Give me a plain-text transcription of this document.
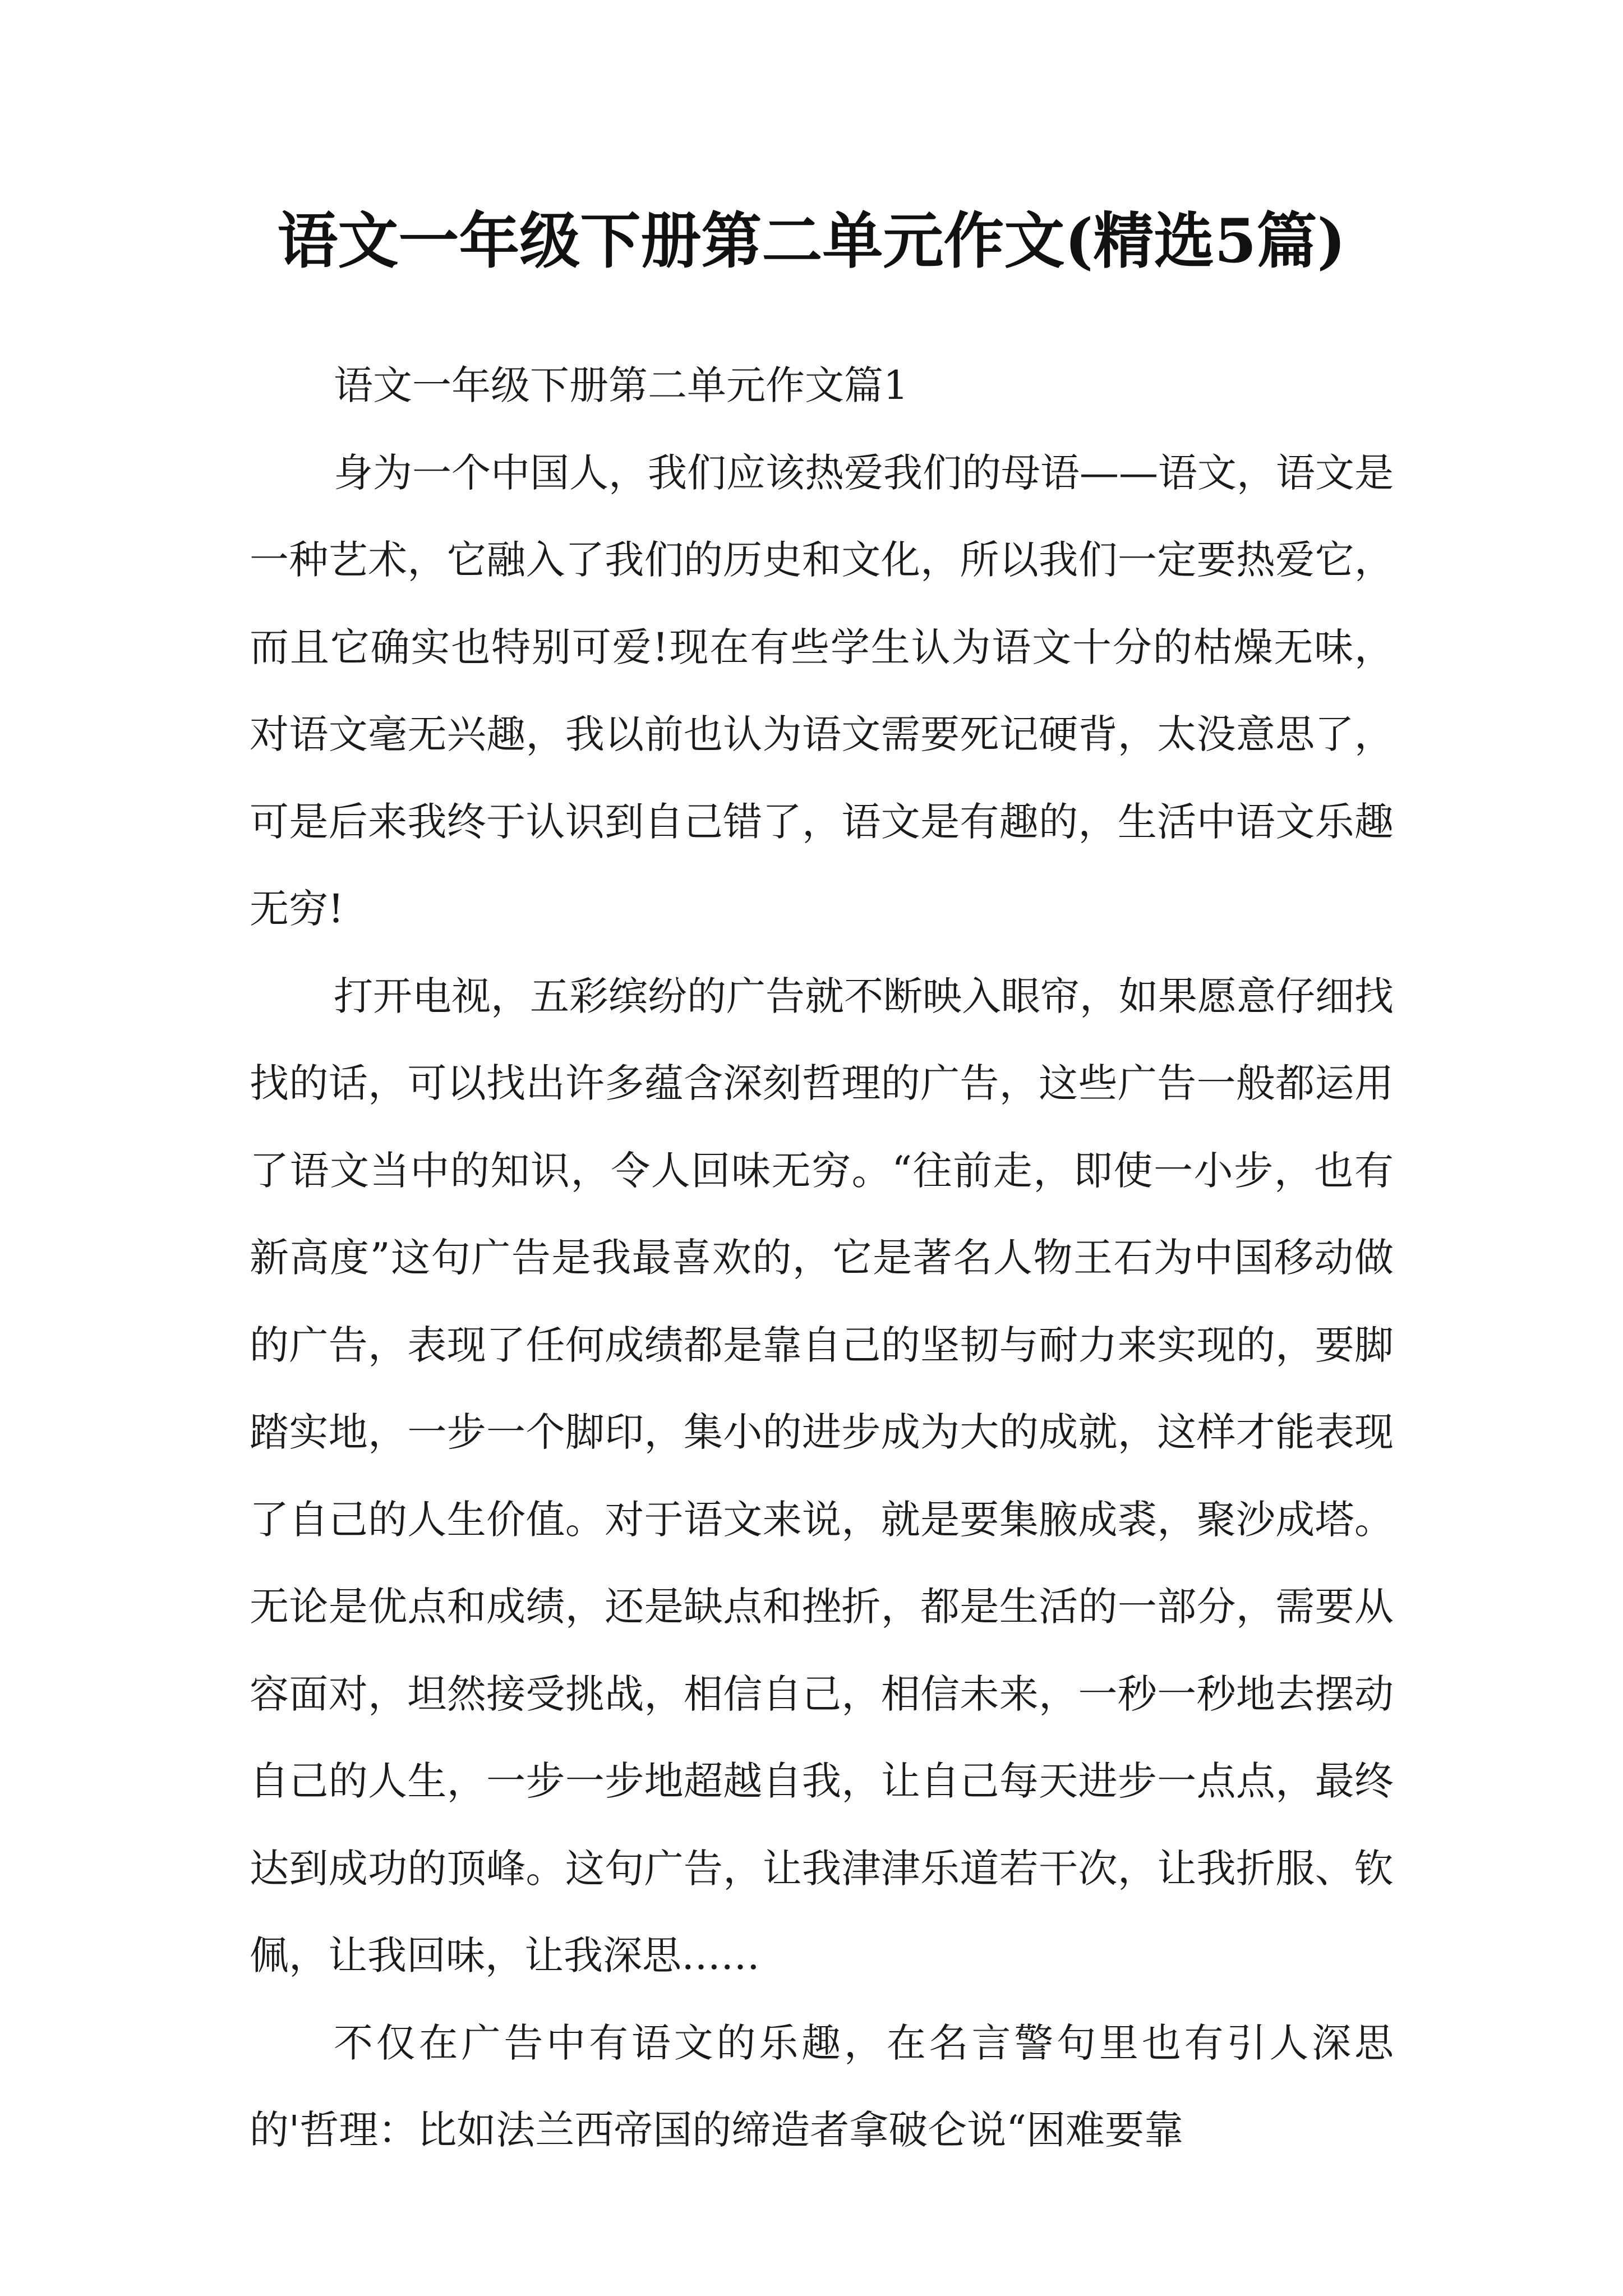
语文一年级下册第二单元作文(精选5篇)

语文一年级下册第二单元作文篇1

身为一个中国人，我们应该热爱我们的母语——语文，语文是一种艺术，它融入了我们的历史和文化，所以我们一定要热爱它，而且它确实也特别可爱!现在有些学生认为语文十分的枯燥无味，对语文毫无兴趣，我以前也认为语文需要死记硬背，太没意思了，可是后来我终于认识到自己错了，语文是有趣的，生活中语文乐趣无穷!

打开电视，五彩缤纷的广告就不断映入眼帘，如果愿意仔细找找的话，可以找出许多蕴含深刻哲理的广告，这些广告一般都运用了语文当中的知识，令人回味无穷。“往前走，即使一小步，也有新高度”这句广告是我最喜欢的，它是著名人物王石为中国移动做的广告，表现了任何成绩都是靠自己的坚韧与耐力来实现的，要脚踏实地，一步一个脚印，集小的进步成为大的成就，这样才能表现了自己的人生价值。对于语文来说，就是要集腋成裘，聚沙成塔。无论是优点和成绩，还是缺点和挫折，都是生活的一部分，需要从容面对，坦然接受挑战，相信自己，相信未来，一秒一秒地去摆动自己的人生，一步一步地超越自我，让自己每天进步一点点，最终达到成功的顶峰。这句广告，让我津津乐道若干次，让我折服、钦佩，让我回味，让我深思……

不仅在广告中有语文的乐趣，在名言警句里也有引人深思的'哲理：比如法兰西帝国的缔造者拿破仑说“困难要靠
